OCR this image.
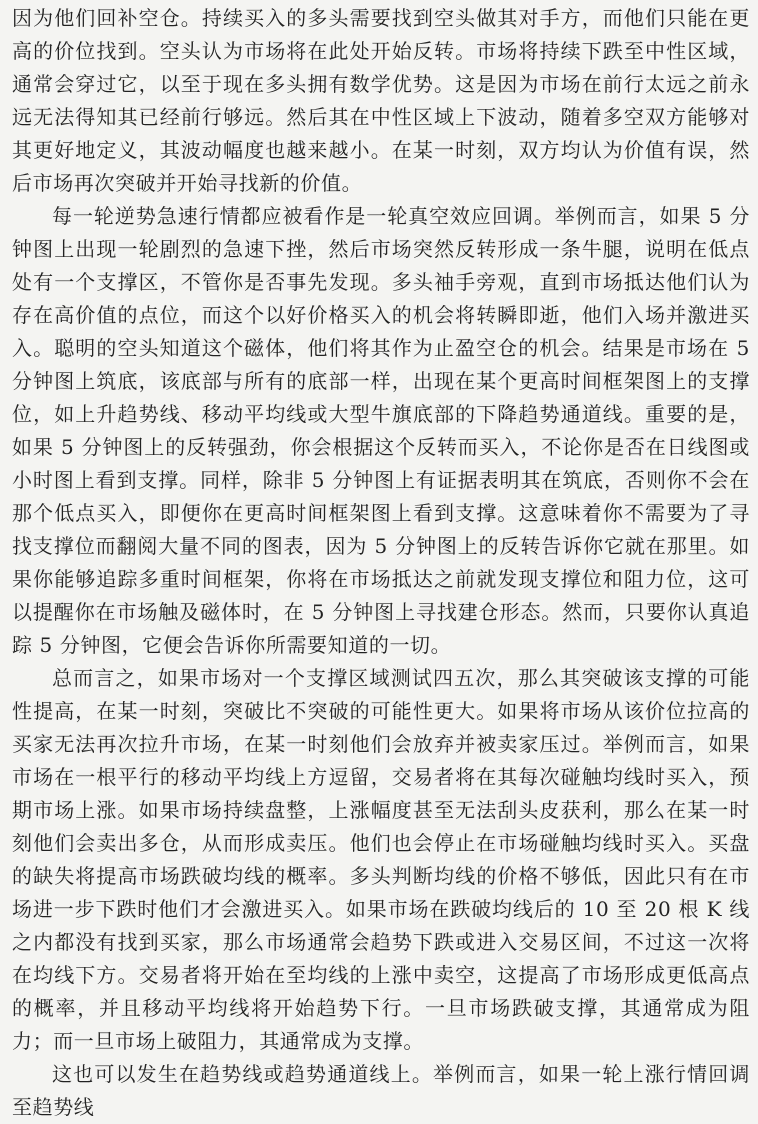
因为他们回补空仓。持续买入的多头需要找到空头做其对手方，而他们只能在更高的价位找到。空头认为市场将在此处开始反转。市场将持续下跌至中性区域，通常会穿过它，以至于现在多头拥有数学优势。这是因为市场在前行太远之前永远无法得知其已经前行够远。然后其在中性区域上下波动，随着多空双方能够对其更好地定义，其波动幅度也越来越小。在某一时刻，双方均认为价值有误，然后市场再次突破并开始寻找新的价值。

每一轮逆势急速行情都应被看作是一轮真空效应回调。举例而言，如果 5 分钟图上出现一轮剧烈的急速下挫，然后市场突然反转形成一条牛腿，说明在低点处有一个支撑区，不管你是否事先发现。多头袖手旁观，直到市场抵达他们认为存在高价值的点位，而这个以好价格买入的机会将转瞬即逝，他们入场并激进买入。聪明的空头知道这个磁体，他们将其作为止盈空仓的机会。结果是市场在 5 分钟图上筑底，该底部与所有的底部一样，出现在某个更高时间框架图上的支撑位，如上升趋势线、移动平均线或大型牛旗底部的下降趋势通道线。重要的是，如果 5 分钟图上的反转强劲，你会根据这个反转而买入，不论你是否在日线图或小时图上看到支撑。同样，除非 5 分钟图上有证据表明其在筑底，否则你不会在那个低点买入，即便你在更高时间框架图上看到支撑。这意味着你不需要为了寻找支撑位而翻阅大量不同的图表，因为 5 分钟图上的反转告诉你它就在那里。如果你能够追踪多重时间框架，你将在市场抵达之前就发现支撑位和阻力位，这可以提醒你在市场触及磁体时，在 5 分钟图上寻找建仓形态。然而，只要你认真追踪 5 分钟图，它便会告诉你所需要知道的一切。

总而言之，如果市场对一个支撑区域测试四五次，那么其突破该支撑的可能性提高，在某一时刻，突破比不突破的可能性更大。如果将市场从该价位拉高的买家无法再次拉升市场，在某一时刻他们会放弃并被卖家压过。举例而言，如果市场在一根平行的移动平均线上方逗留，交易者将在其每次碰触均线时买入，预期市场上涨。如果市场持续盘整，上涨幅度甚至无法刮头皮获利，那么在某一时刻他们会卖出多仓，从而形成卖压。他们也会停止在市场碰触均线时买入。买盘的缺失将提高市场跌破均线的概率。多头判断均线的价格不够低，因此只有在市场进一步下跌时他们才会激进买入。如果市场在跌破均线后的 10 至 20 根 K 线之内都没有找到买家，那么市场通常会趋势下跌或进入交易区间，不过这一次将在均线下方。交易者将开始在至均线的上涨中卖空，这提高了市场形成更低高点的概率，并且移动平均线将开始趋势下行。一旦市场跌破支撑，其通常成为阻力；而一旦市场上破阻力，其通常成为支撑。

这也可以发生在趋势线或趋势通道线上。举例而言，如果一轮上涨行情回调至趋势线
